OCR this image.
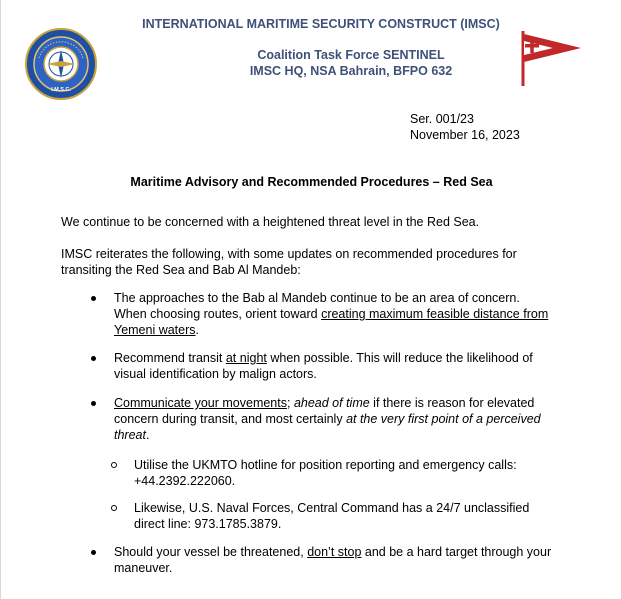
I.M.S.C.
INTERNATIONAL MARITIME SECURITY CONSTRUCT (IMSC)
Coalition Task Force SENTINEL
IMSC HQ, NSA Bahrain, BFPO 632
Ser. 001/23
November 16, 2023
Maritime Advisory and Recommended Procedures – Red Sea
We continue to be concerned with a heightened threat level in the Red Sea.
IMSC reiterates the following, with some updates on recommended procedures for
transiting the Red Sea and Bab Al Mandeb:
The approaches to the Bab al Mandeb continue to be an area of concern.
When choosing routes, orient toward creating maximum feasible distance from
Yemeni waters.
Recommend transit at night when possible. This will reduce the likelihood of
visual identification by malign actors.
Communicate your movements; ahead of time if there is reason for elevated
concern during transit, and most certainly at the very first point of a perceived
threat.
Utilise the UKMTO hotline for position reporting and emergency calls:
+44.2392.222060.
Likewise, U.S. Naval Forces, Central Command has a 24/7 unclassified
direct line: 973.1785.3879.
Should your vessel be threatened, don’t stop and be a hard target through your
maneuver.
